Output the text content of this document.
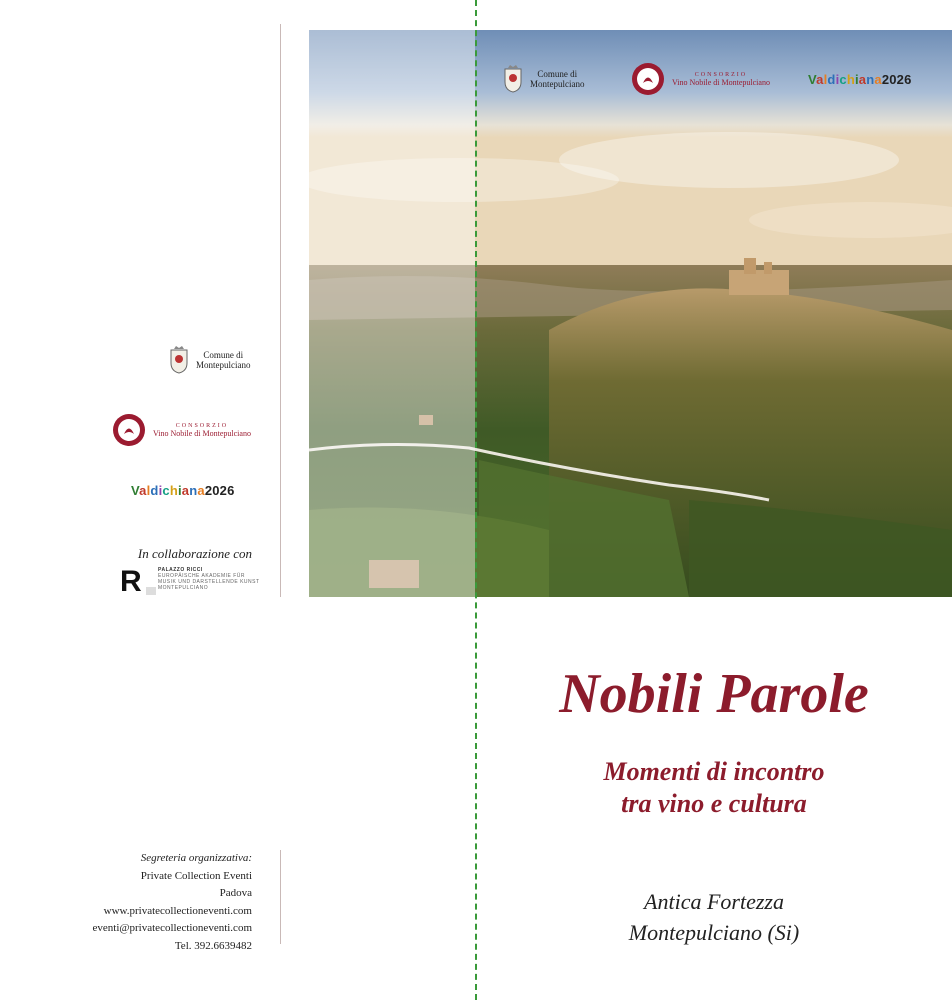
Comune di
Montepulciano
CONSORZIO
Vino Nobile di Montepulciano	Valdichiana2026
Comune di
Montepulciano
CONSORZIO
Vino Nobile di Montepulciano
Valdichiana2026
In collaborazione con
R	PALAZZO RICCI
EUROPÄISCHE AKADEMIE FÜR
MUSIK UND DARSTELLENDE KUNST
MONTEPULCIANO
Segreteria organizzativa:
Private Collection Eventi
Padova
www.privatecollectioneventi.com
eventi@privatecollectioneventi.com
Tel. 392.6639482
Nobili Parole
Momenti di incontro
tra vino e cultura
Antica Fortezza
Montepulciano (Si)
